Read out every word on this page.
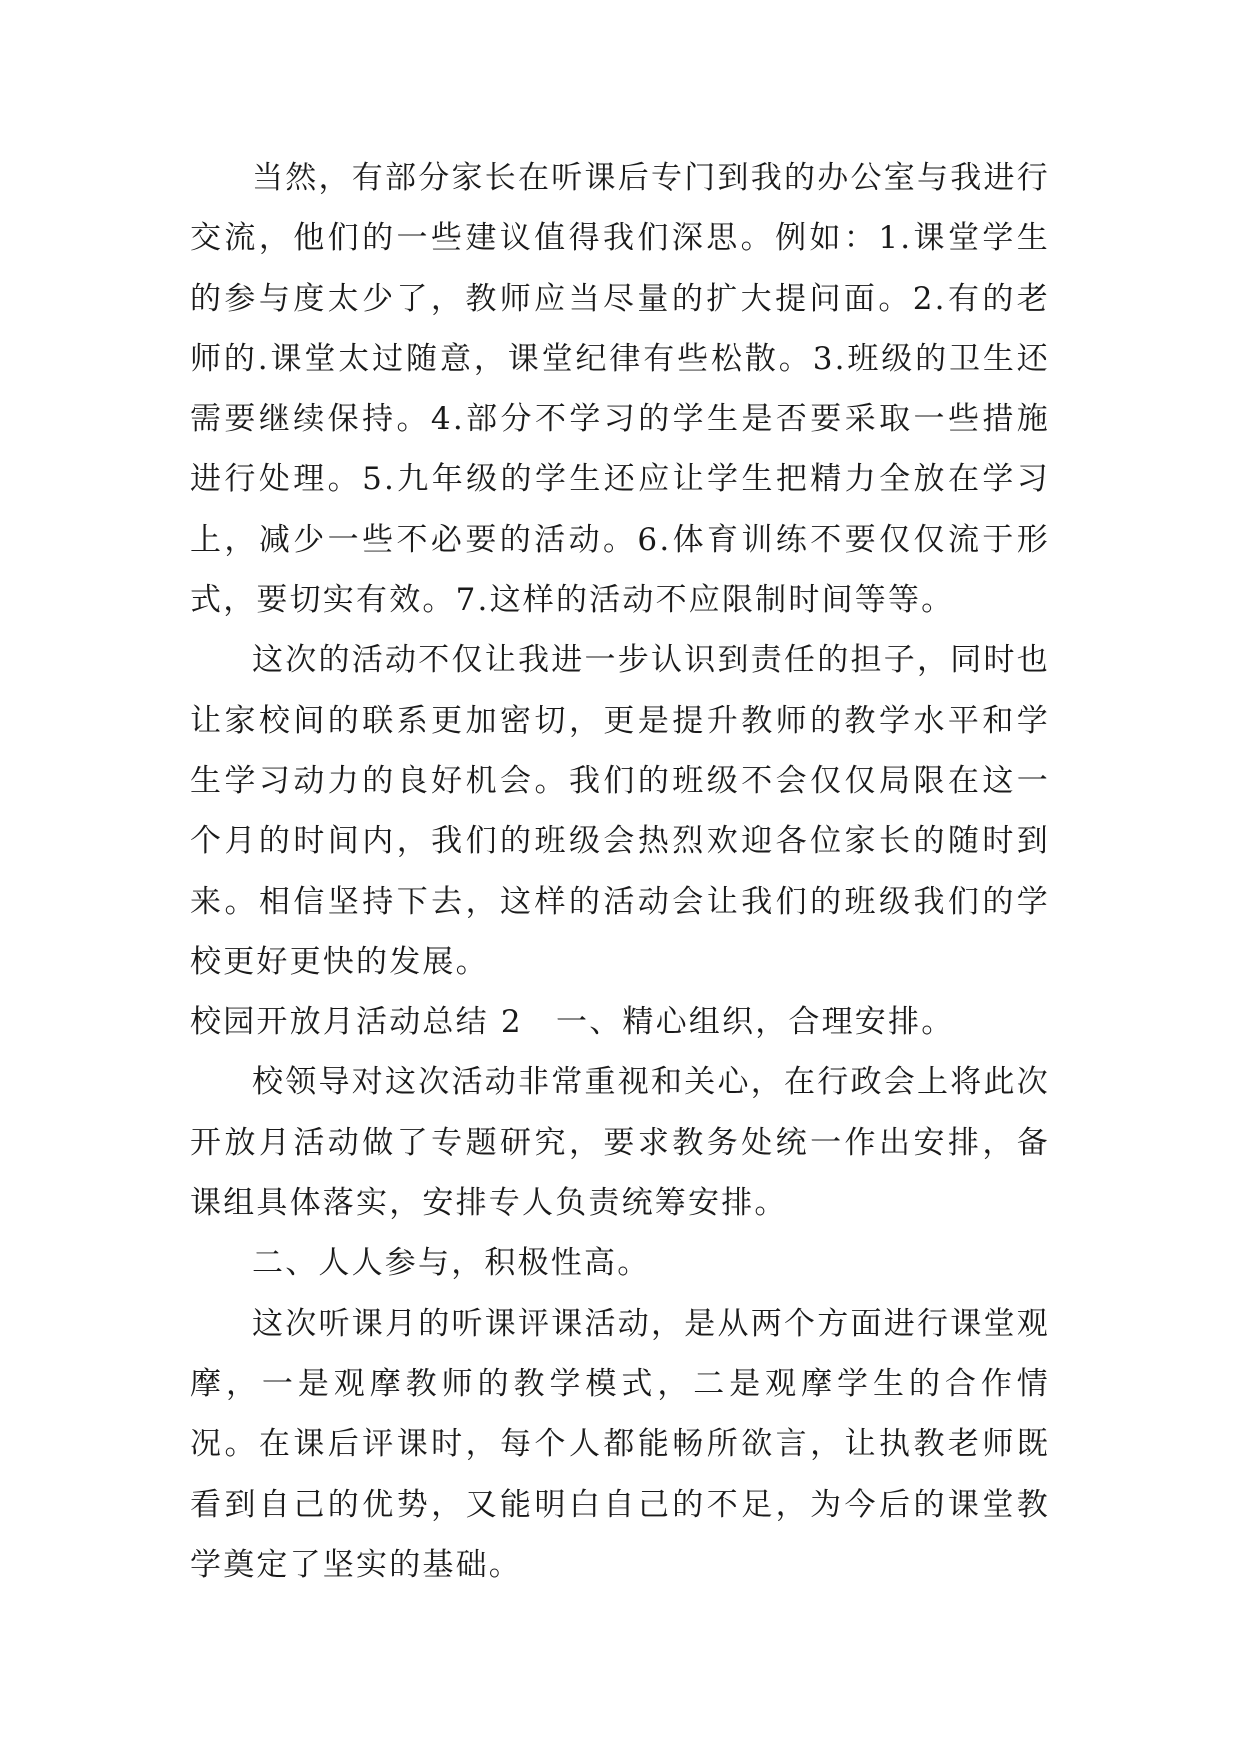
当然，有部分家长在听课后专门到我的办公室与我进行交流，他们的一些建议值得我们深思。例如：1.课堂学生的参与度太少了，教师应当尽量的扩大提问面。2.有的老师的.课堂太过随意，课堂纪律有些松散。3.班级的卫生还需要继续保持。4.部分不学习的学生是否要采取一些措施进行处理。5.九年级的学生还应让学生把精力全放在学习上，减少一些不必要的活动。6.体育训练不要仅仅流于形式，要切实有效。7.这样的活动不应限制时间等等。

这次的活动不仅让我进一步认识到责任的担子，同时也让家校间的联系更加密切，更是提升教师的教学水平和学生学习动力的良好机会。我们的班级不会仅仅局限在这一个月的时间内，我们的班级会热烈欢迎各位家长的随时到来。相信坚持下去，这样的活动会让我们的班级我们的学校更好更快的发展。

校园开放月活动总结 2 一、精心组织，合理安排。

校领导对这次活动非常重视和关心，在行政会上将此次开放月活动做了专题研究，要求教务处统一作出安排，备课组具体落实，安排专人负责统筹安排。

二、人人参与，积极性高。

这次听课月的听课评课活动，是从两个方面进行课堂观摩，一是观摩教师的教学模式，二是观摩学生的合作情况。在课后评课时，每个人都能畅所欲言，让执教老师既看到自己的优势，又能明白自己的不足，为今后的课堂教学奠定了坚实的基础。
